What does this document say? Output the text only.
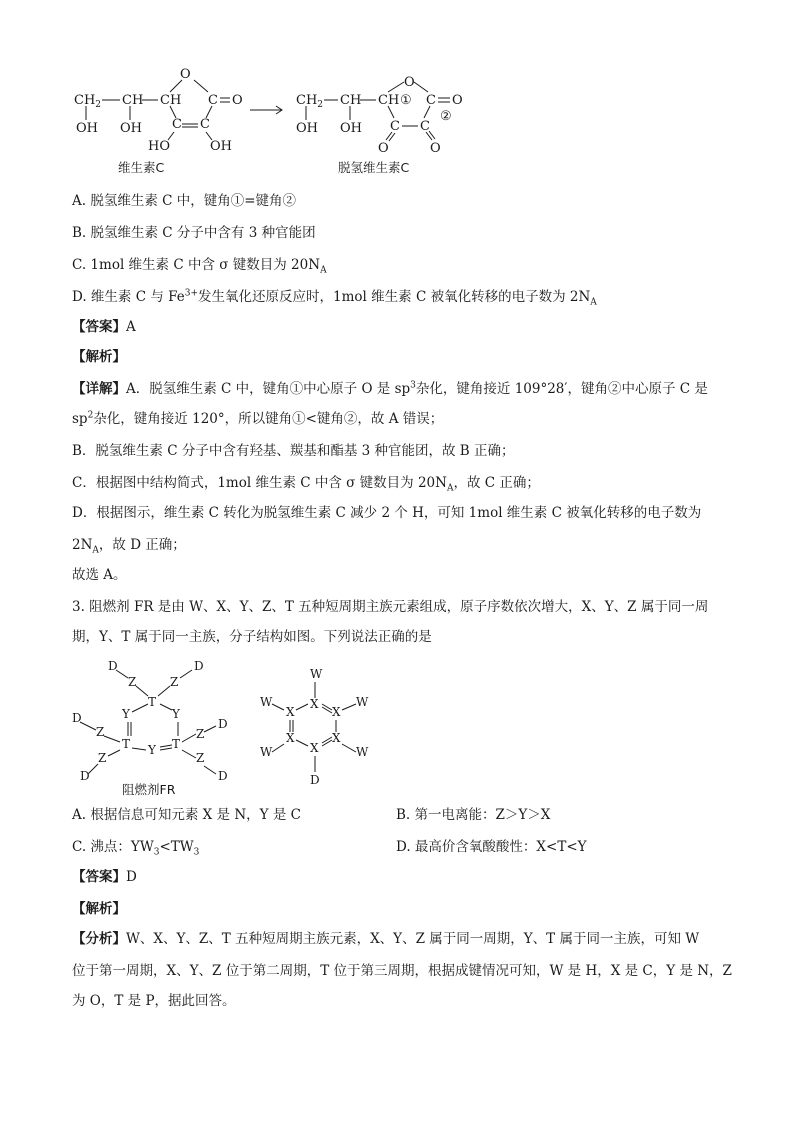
$CH_2$ CH CH
O
C O
OH OH C C
HO	OH
维生素C
$CH_2$ CH CH ①
O
C O
②
OH OH C C
O	O
脱氢维生素C
A. 脱氢维生素 C 中，键角①=键角②
B. 脱氢维生素 C 分子中含有 3 种官能团
C. 1mol 维生素 C 中含 σ 键数目为 $20N_A$
D. 维生素 C 与 $Fe^{3+}$发生氧化还原反应时，1mol 维生素 C 被氧化转移的电子数为 $2N_A$
【答案】A
【解析】
【详解】A．脱氢维生素 C 中，键角①中心原子 O 是 $sp^3$杂化，键角接近 109°28′，键角②中心原子 C 是
$sp^2$杂化，键角接近 120°，所以键角①<键角②，故 A 错误；
B．脱氢维生素 C 分子中含有羟基、羰基和酯基 3 种官能团，故 B 正确；
C．根据图中结构简式，1mol 维生素 C 中含 σ 键数目为 $20N_A$，故 C 正确；
D．根据图示，维生素 C 转化为脱氢维生素 C 减少 2 个 H，可知 1mol 维生素 C 被氧化转移的电子数为
$2N_A$，故 D 正确；
故选 A。
3. 阻燃剂 FR 是由 W、X、Y、Z、T 五种短周期主族元素组成，原子序数依次增大，X、Y、Z 属于同一周
期，Y、T 属于同一主族，分子结构如图。下列说法正确的是
D	D
Z	Z
T
Y	Y
D	D
Z	Z
T	T
Y
Z	Z
D	D
阻燃剂FR
W
W	W
X
X
X
X
X
X
W	W
D
A. 根据信息可知元素 X 是 N，Y 是 C	B. 第一电离能：Z＞Y＞X
C. 沸点：$YW_3<TW_3$	D. 最高价含氧酸酸性：X<T<Y
【答案】D
【解析】
【分析】W、X、Y、Z、T 五种短周期主族元素，X、Y、Z 属于同一周期，Y、T 属于同一主族，可知 W
位于第一周期，X、Y、Z 位于第二周期，T 位于第三周期，根据成键情况可知，W 是 H，X 是 C，Y 是 N，Z
为 O，T 是 P，据此回答。
